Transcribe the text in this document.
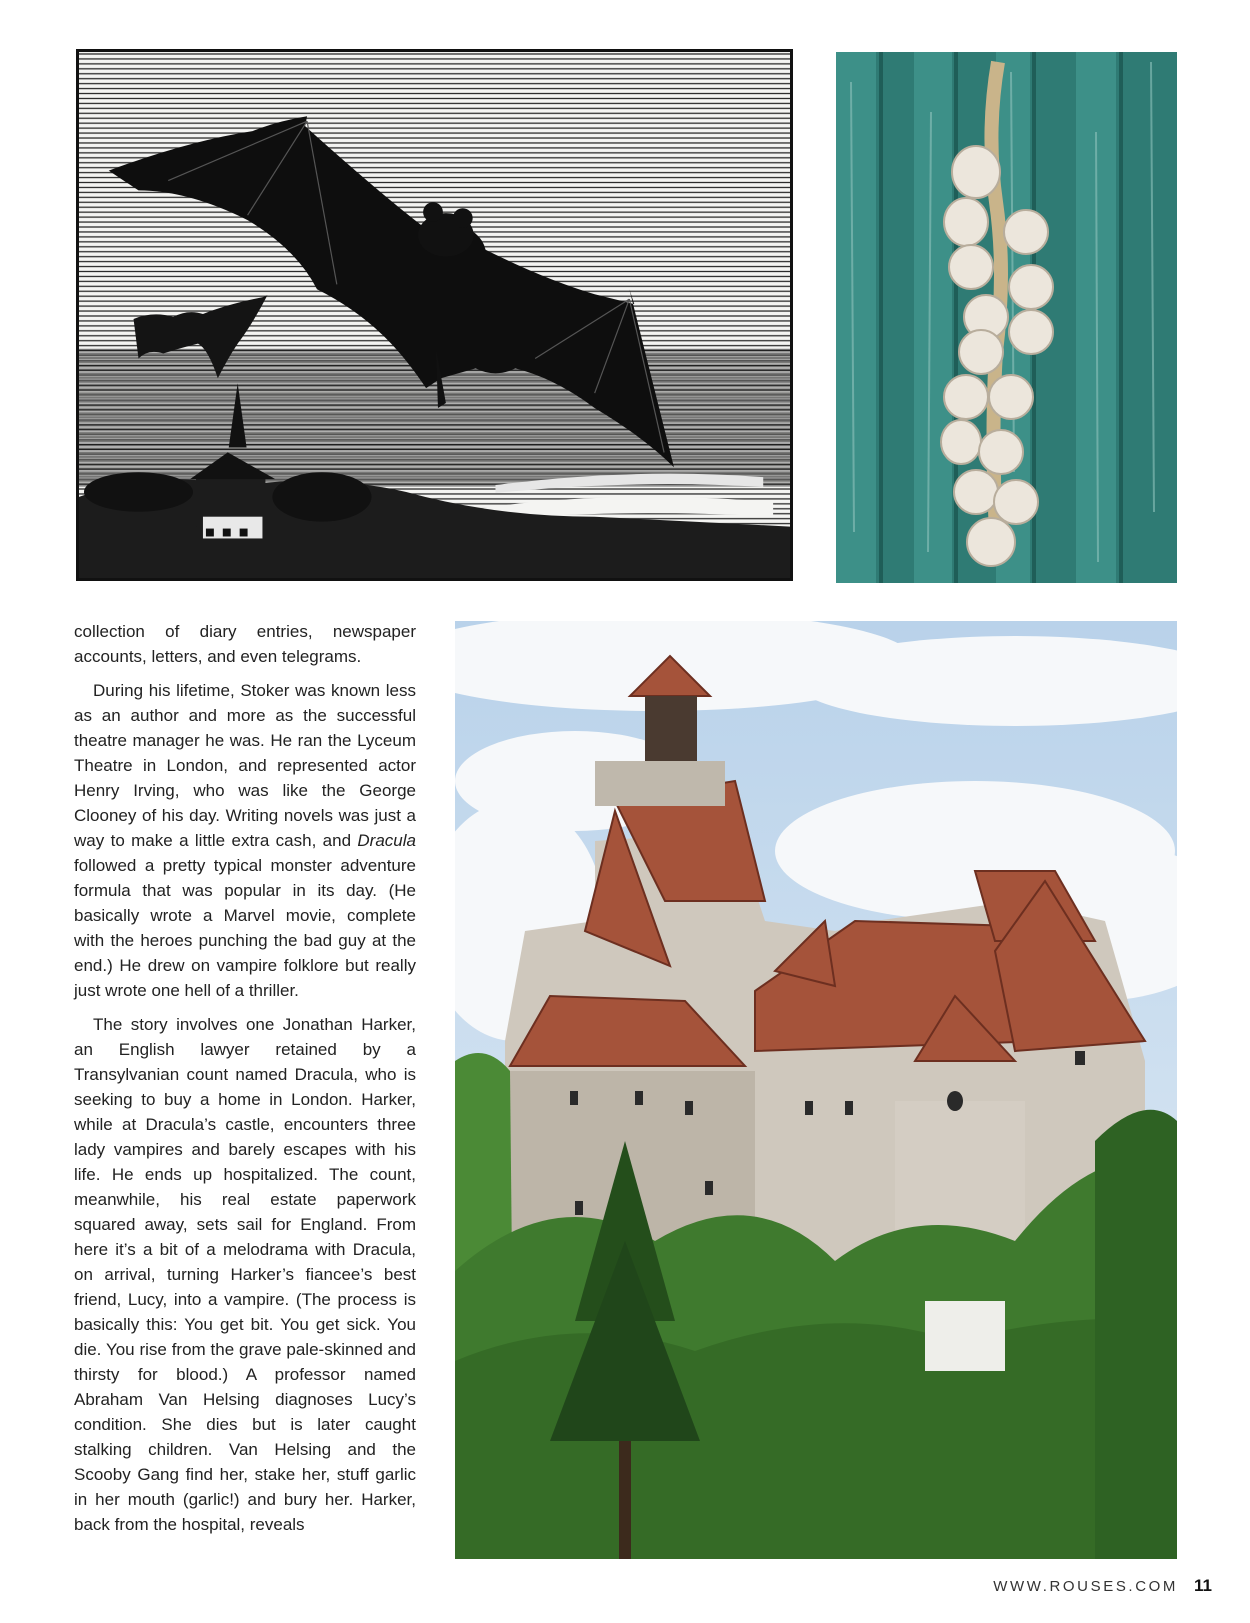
collection of diary entries, newspaper accounts, letters, and even telegrams.

During his lifetime, Stoker was known less as an author and more as the successful theatre manager he was. He ran the Lyceum Theatre in London, and represented actor Henry Irving, who was like the George Clooney of his day. Writing novels was just a way to make a little extra cash, and Dracula followed a pretty typical monster adventure formula that was popular in its day. (He basically wrote a Marvel movie, complete with the heroes punching the bad guy at the end.) He drew on vampire folklore but really just wrote one hell of a thriller.

The story involves one Jonathan Harker, an English lawyer retained by a Transylvanian count named Dracula, who is seeking to buy a home in London. Harker, while at Dracula’s castle, encounters three lady vampires and barely escapes with his life. He ends up hospitalized. The count, meanwhile, his real estate paperwork squared away, sets sail for England. From here it’s a bit of a melodrama with Dracula, on arrival, turning Harker’s fiancee’s best friend, Lucy, into a vampire. (The process is basically this: You get bit. You get sick. You die. You rise from the grave pale-skinned and thirsty for blood.) A professor named Abraham Van Helsing diagnoses Lucy’s condition. She dies but is later caught stalking children. Van Helsing and the Scooby Gang find her, stake her, stuff garlic in her mouth (garlic!) and bury her. Harker, back from the hospital, reveals

WWW.ROUSES.COM 11
